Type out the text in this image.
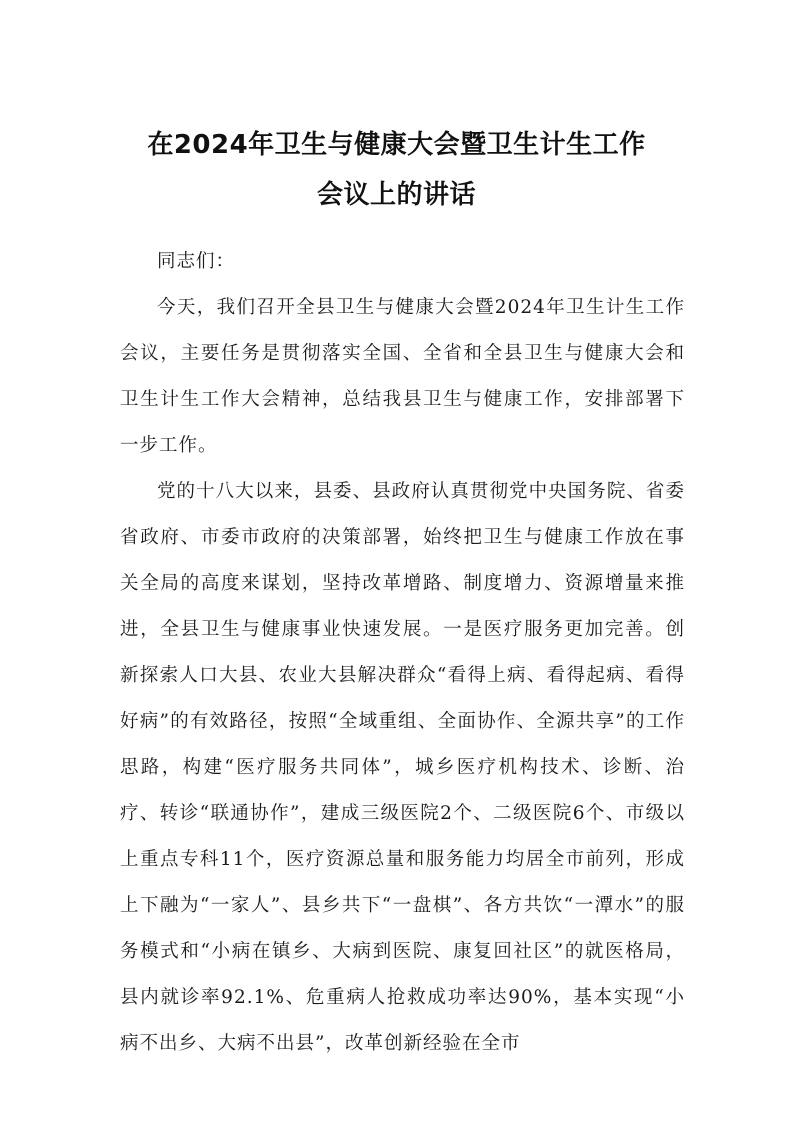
在2024年卫生与健康大会暨卫生计生工作
会议上的讲话

同志们：

今天，我们召开全县卫生与健康大会暨2024年卫生计生工作会议，主要任务是贯彻落实全国、全省和全县卫生与健康大会和卫生计生工作大会精神，总结我县卫生与健康工作，安排部署下一步工作。

党的十八大以来，县委、县政府认真贯彻党中央国务院、省委省政府、市委市政府的决策部署，始终把卫生与健康工作放在事关全局的高度来谋划，坚持改革增路、制度增力、资源增量来推进，全县卫生与健康事业快速发展。一是医疗服务更加完善。创新探索人口大县、农业大县解决群众“看得上病、看得起病、看得好病”的有效路径，按照“全域重组、全面协作、全源共享”的工作思路，构建“医疗服务共同体”，城乡医疗机构技术、诊断、治疗、转诊“联通协作”，建成三级医院2个、二级医院6个、市级以上重点专科11个，医疗资源总量和服务能力均居全市前列，形成上下融为“一家人”、县乡共下“一盘棋”、各方共饮“一潭水”的服务模式和“小病在镇乡、大病到医院、康复回社区”的就医格局，县内就诊率92.1%、危重病人抢救成功率达90%，基本实现“小病不出乡、大病不出县”，改革创新经验在全市
